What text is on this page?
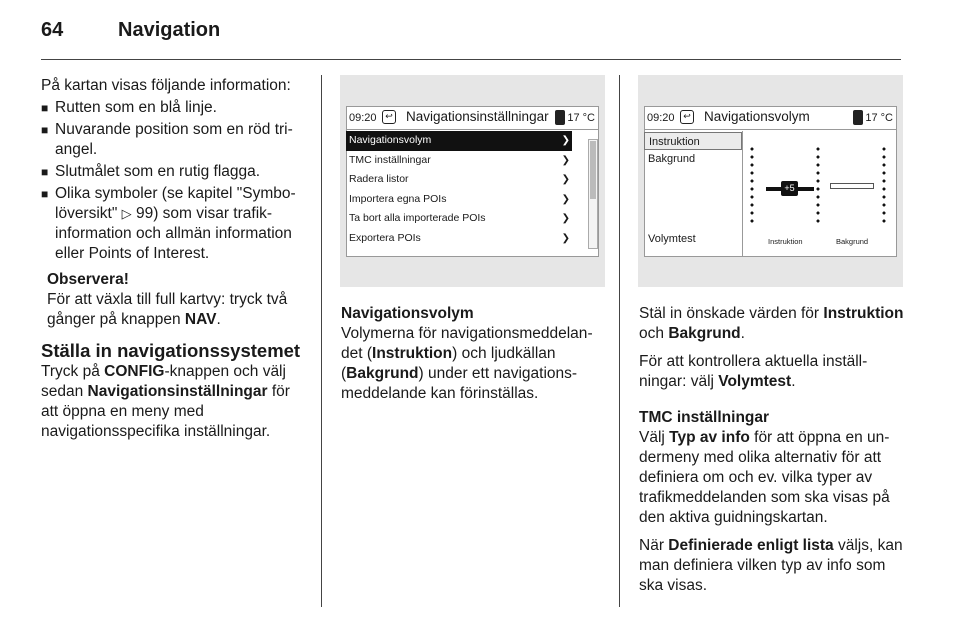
64	Navigation

På kartan visas följande information:

■ Rutten som en blå linje.
■ Nuvarande position som en röd triangel.
■ Slutmålet som en rutig flagga.
■ Olika symboler (se kapitel "Symbolöversikt" ▷ 99) som visar trafikinformation och allmän information eller Points of Interest.

Observera!

För att växla till full kartvy: tryck två gånger på knappen NAV.

Ställa in navigationssystemet

Tryck på CONFIG-knappen och välj sedan Navigationsinställningar för att öppna en meny med navigationsspecifika inställningar.

09:20 ↩ Navigationsinställningar 17 °C
Navigationsvolym	❯
TMC inställningar	❯
Radera listor	❯
Importera egna POIs	❯
Ta bort alla importerade POIs	❯
Exportera POIs	❯
09:20 ↩ Navigationsvolym	17 °C
Instruktion
Bakgrund
Volymtest
+5
Instruktion	Bakgrund

Navigationsvolym

Volymerna för navigationsmeddelandet (Instruktion) och ljudkällan (Bakgrund) under ett navigationsmeddelande kan förinställas.

Stäl in önskade värden för Instruktion och Bakgrund.

För att kontrollera aktuella inställningar: välj Volymtest.

TMC inställningar

Välj Typ av info för att öppna en undermeny med olika alternativ för att definiera om och ev. vilka typer av trafikmeddelanden som ska visas på den aktiva guidningskartan.

När Definierade enligt lista väljs, kan man definiera vilken typ av info som ska visas.
